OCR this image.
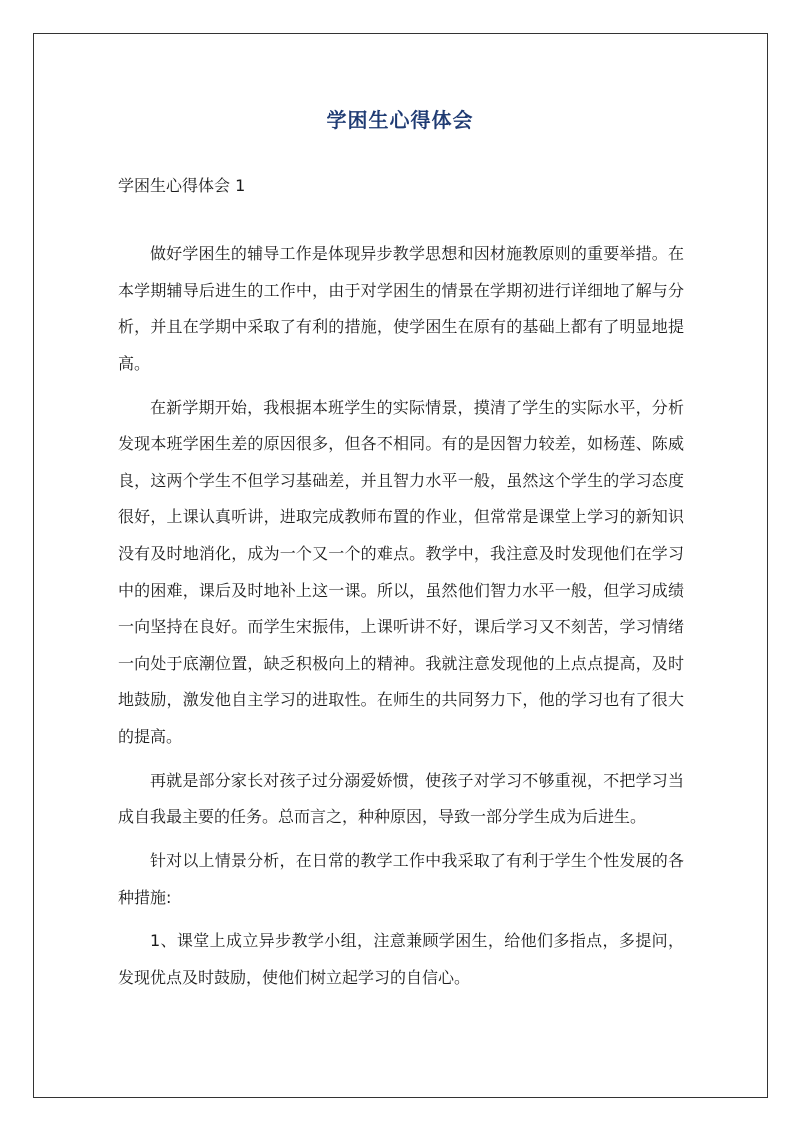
学困生心得体会
学困生心得体会 1

做好学困生的辅导工作是体现异步教学思想和因材施教原则的重要举措。在本学期辅导后进生的工作中，由于对学困生的情景在学期初进行详细地了解与分析，并且在学期中采取了有利的措施，使学困生在原有的基础上都有了明显地提高。

在新学期开始，我根据本班学生的实际情景，摸清了学生的实际水平，分析发现本班学困生差的原因很多，但各不相同。有的是因智力较差，如杨莲、陈威良，这两个学生不但学习基础差，并且智力水平一般，虽然这个学生的学习态度很好，上课认真听讲，进取完成教师布置的作业，但常常是课堂上学习的新知识没有及时地消化，成为一个又一个的难点。教学中，我注意及时发现他们在学习中的困难，课后及时地补上这一课。所以，虽然他们智力水平一般，但学习成绩一向坚持在良好。而学生宋振伟，上课听讲不好，课后学习又不刻苦，学习情绪一向处于底潮位置，缺乏积极向上的精神。我就注意发现他的上点点提高，及时地鼓励，激发他自主学习的进取性。在师生的共同努力下，他的学习也有了很大的提高。

再就是部分家长对孩子过分溺爱娇惯，使孩子对学习不够重视，不把学习当成自我最主要的任务。总而言之，种种原因，导致一部分学生成为后进生。

针对以上情景分析，在日常的教学工作中我采取了有利于学生个性发展的各种措施:

1、课堂上成立异步教学小组，注意兼顾学困生，给他们多指点，多提问，发现优点及时鼓励，使他们树立起学习的自信心。
